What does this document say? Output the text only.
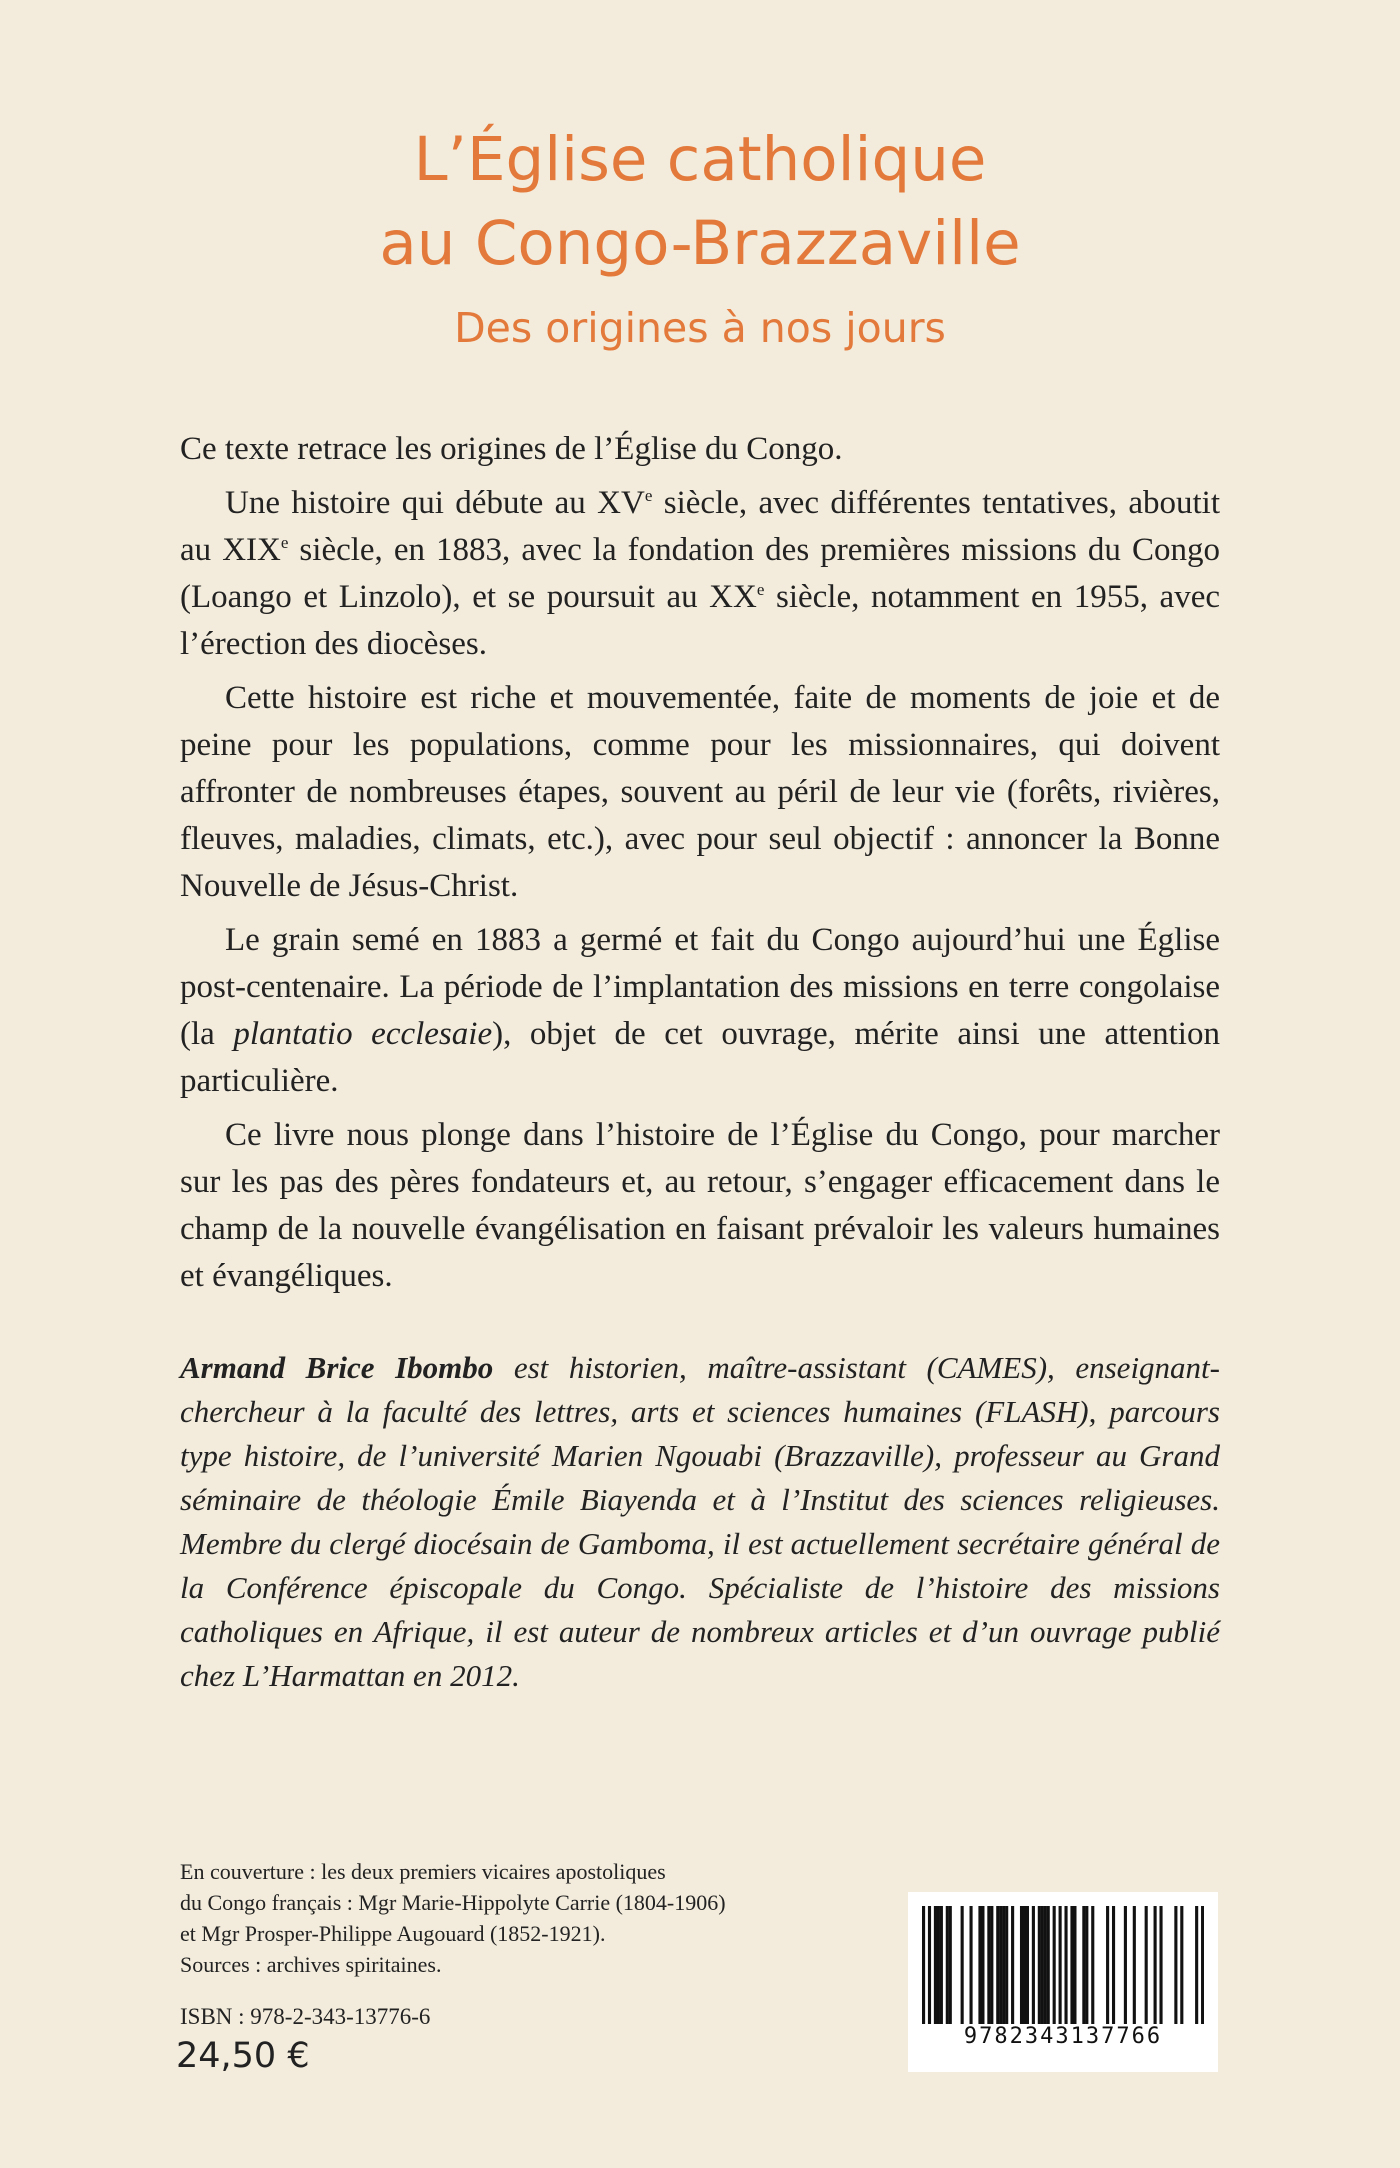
L’Église catholique
au Congo-Brazzaville
Des origines à nos jours

Ce texte retrace les origines de l’Église du Congo.

Une histoire qui débute au XVe siècle, avec différentes tentatives, aboutit au XIXe siècle, en 1883, avec la fondation des premières missions du Congo (Loango et Linzolo), et se poursuit au XXe siècle, notamment en 1955, avec l’érection des diocèses.

Cette histoire est riche et mouvementée, faite de moments de joie et de peine pour les populations, comme pour les missionnaires, qui doivent affronter de nombreuses étapes, souvent au péril de leur vie (forêts, rivières, fleuves, maladies, climats, etc.), avec pour seul objectif : annoncer la Bonne Nouvelle de Jésus-Christ.

Le grain semé en 1883 a germé et fait du Congo aujourd’hui une Église post-centenaire. La période de l’implantation des missions en terre congolaise (la plantatio ecclesaie), objet de cet ouvrage, mérite ainsi une attention particulière.

Ce livre nous plonge dans l’histoire de l’Église du Congo, pour marcher sur les pas des pères fondateurs et, au retour, s’engager efficacement dans le champ de la nouvelle évangélisation en faisant prévaloir les valeurs humaines et évangéliques.

Armand Brice Ibombo est historien, maître-assistant (CAMES), enseignant-chercheur à la faculté des lettres, arts et sciences humaines (FLASH), parcours type histoire, de l’université Marien Ngouabi (Brazzaville), professeur au Grand séminaire de théologie Émile Biayenda et à l’Institut des sciences religieuses. Membre du clergé diocésain de Gamboma, il est actuellement secrétaire général de la Conférence épiscopale du Congo. Spécialiste de l’histoire des missions catholiques en Afrique, il est auteur de nombreux articles et d’un ouvrage publié chez L’Harmattan en 2012.
En couverture : les deux premiers vicaires apostoliques
du Congo français : Mgr Marie-Hippolyte Carrie (1804-1906)
et Mgr Prosper-Philippe Augouard (1852-1921).
Sources : archives spiritaines.
ISBN : 978-2-343-13776-6
24,50 €	9782343137766
